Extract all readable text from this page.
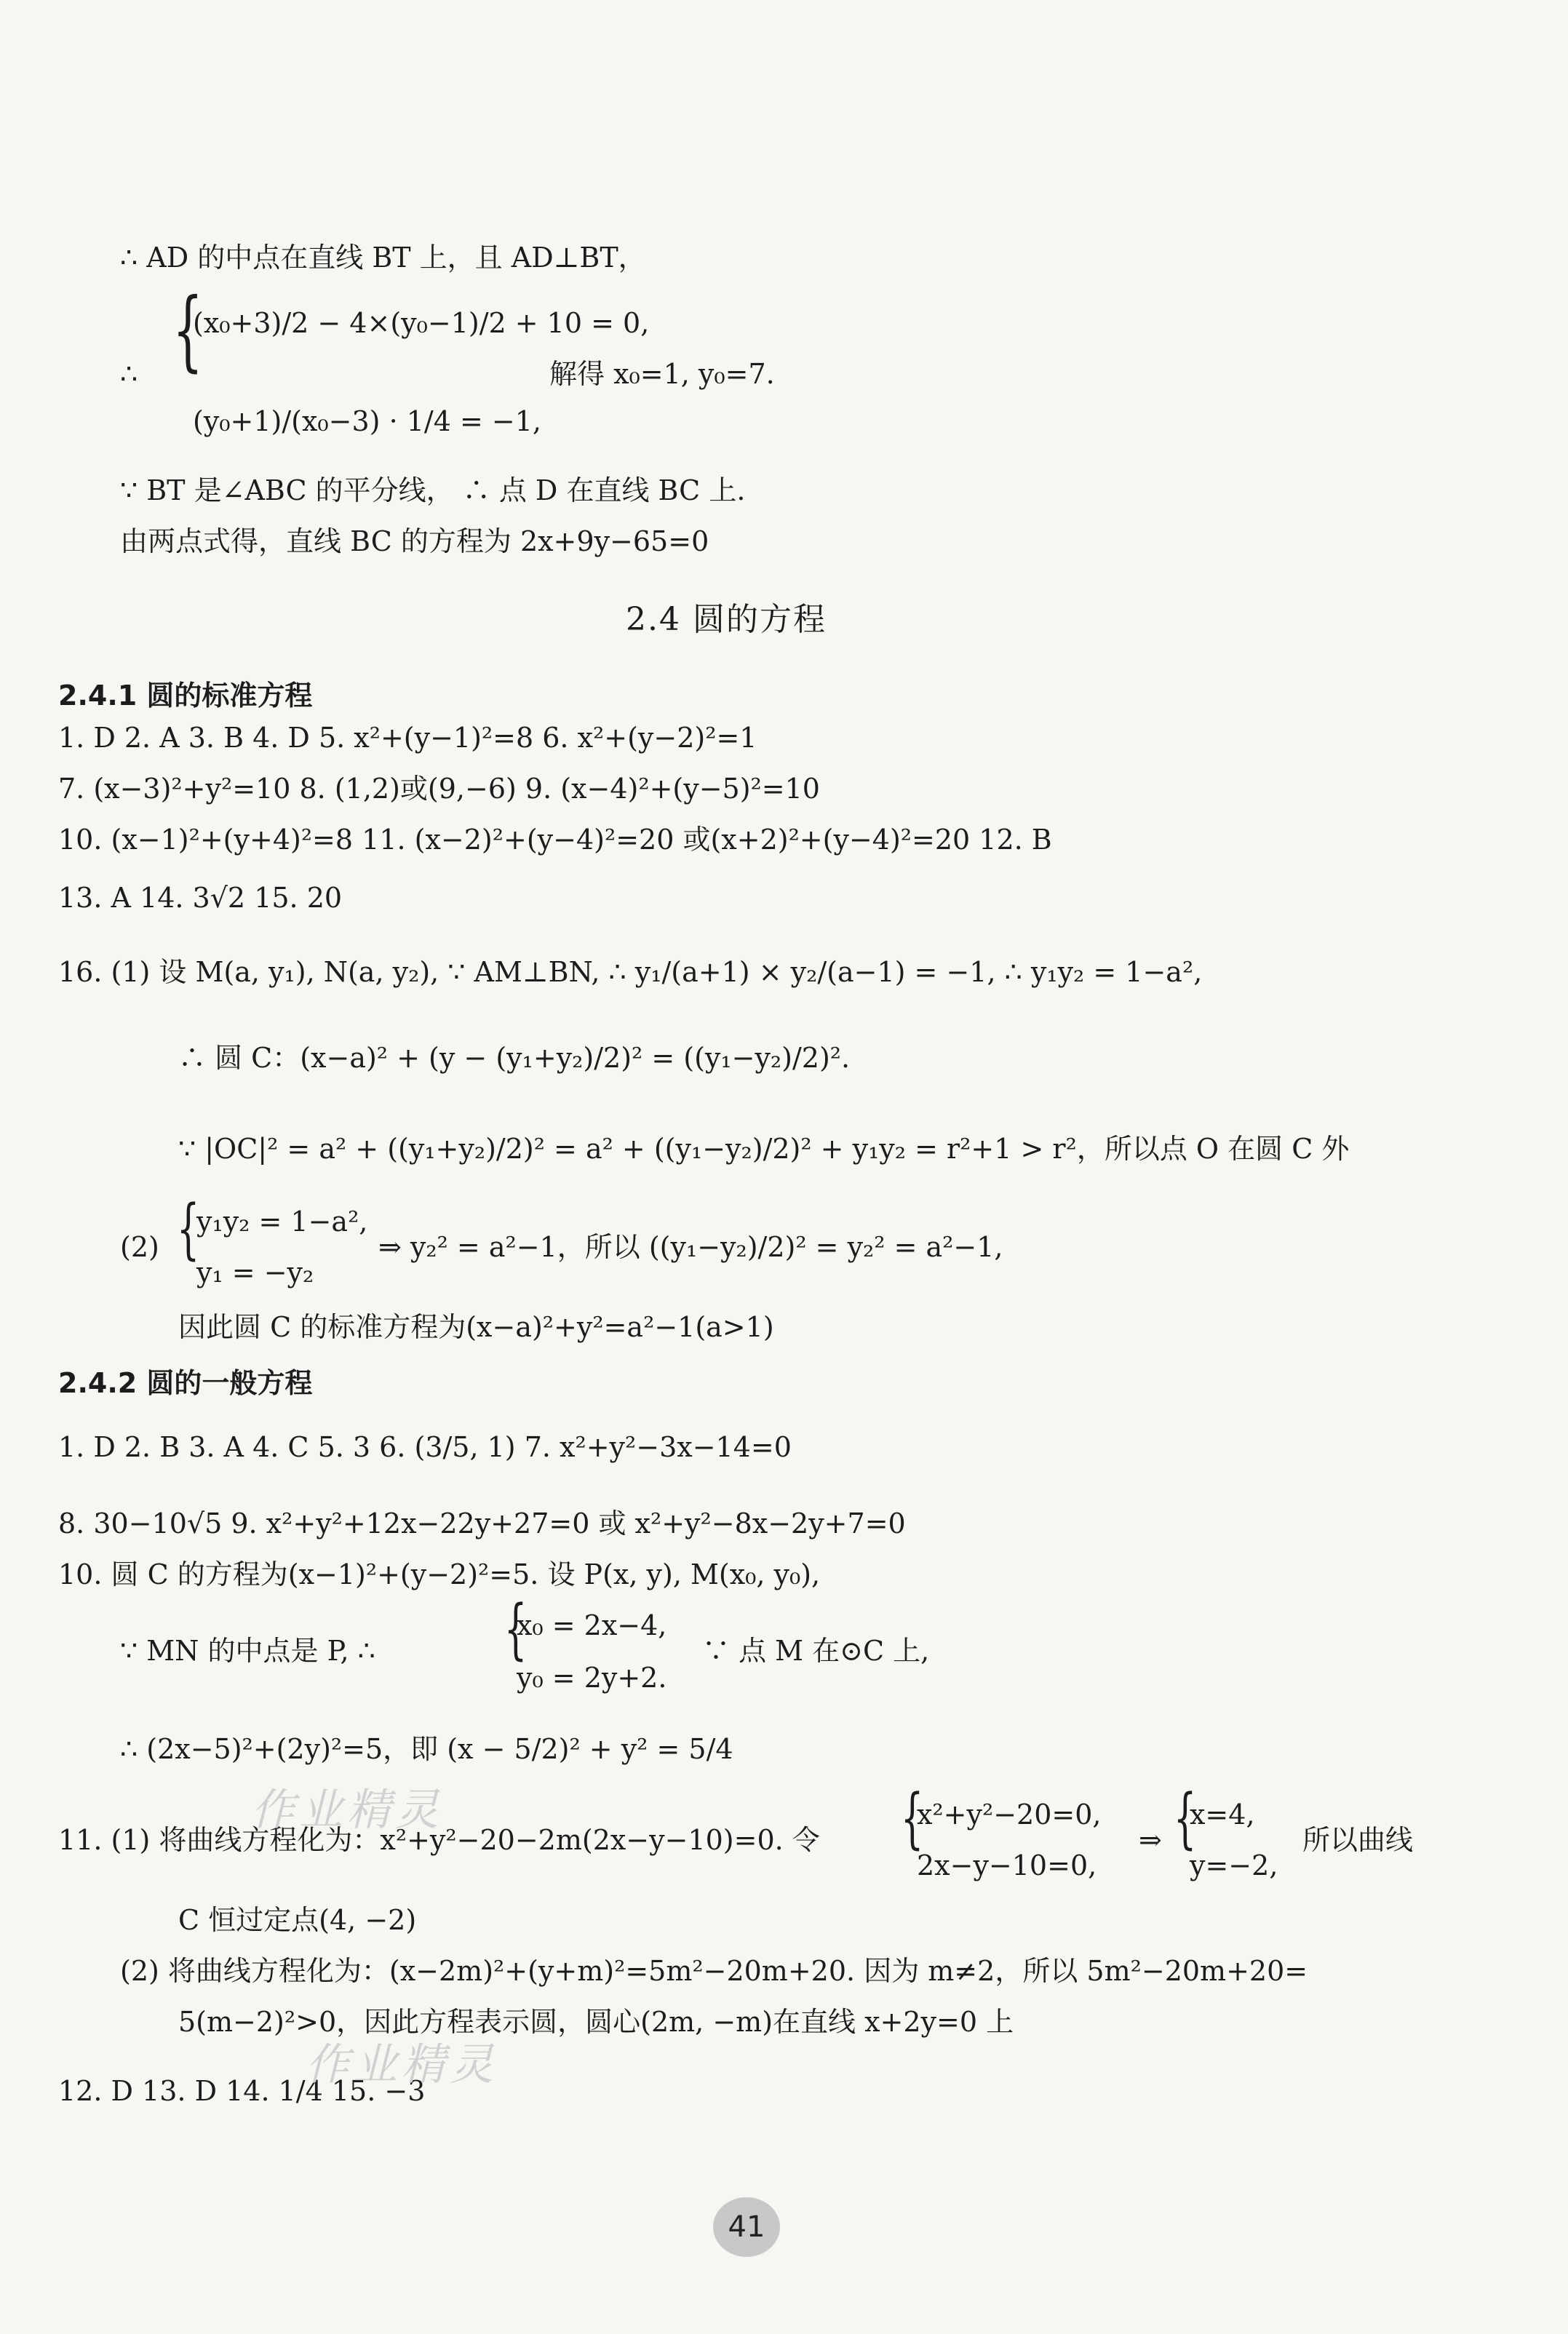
∴ AD 的中点在直线 BT 上，且 AD⊥BT，
∴ {
(x₀+3)/2 − 4×(y₀−1)/2 + 10 = 0,
(y₀+1)/(x₀−3) · 1/4 = −1,
解得 x₀=1, y₀=7.
∵ BT 是∠ABC 的平分线， ∴ 点 D 在直线 BC 上.
由两点式得，直线 BC 的方程为 2x+9y−65=0
2.4 圆的方程
2.4.1 圆的标准方程
1. D 2. A 3. B 4. D 5. x²+(y−1)²=8 6. x²+(y−2)²=1
7. (x−3)²+y²=10 8. (1,2)或(9,−6) 9. (x−4)²+(y−5)²=10
10. (x−1)²+(y+4)²=8 11. (x−2)²+(y−4)²=20 或(x+2)²+(y−4)²=20 12. B
13. A 14. 3√2 15. 20
16. (1) 设 M(a, y₁), N(a, y₂), ∵ AM⊥BN, ∴ y₁/(a+1) × y₂/(a−1) = −1, ∴ y₁y₂ = 1−a²,
∴ 圆 C：(x−a)² + (y − (y₁+y₂)/2)² = ((y₁−y₂)/2)².
∵ |OC|² = a² + ((y₁+y₂)/2)² = a² + ((y₁−y₂)/2)² + y₁y₂ = r²+1 > r²，所以点 O 在圆 C 外
(2) {
y₁y₂ = 1−a²,
y₁ = −y₂
⇒ y₂² = a²−1，所以 ((y₁−y₂)/2)² = y₂² = a²−1,
因此圆 C 的标准方程为(x−a)²+y²=a²−1(a>1)
2.4.2 圆的一般方程
1. D 2. B 3. A 4. C 5. 3 6. (3/5, 1) 7. x²+y²−3x−14=0
8. 30−10√5 9. x²+y²+12x−22y+27=0 或 x²+y²−8x−2y+7=0
10. 圆 C 的方程为(x−1)²+(y−2)²=5. 设 P(x, y), M(x₀, y₀),
∵ MN 的中点是 P, ∴ {
x₀ = 2x−4,
y₀ = 2y+2.
∵ 点 M 在⊙C 上,
∴ (2x−5)²+(2y)²=5，即 (x − 5/2)² + y² = 5/4
11. (1) 将曲线方程化为：x²+y²−20−2m(2x−y−10)=0. 令 {
x²+y²−20=0,
2x−y−10=0,
⇒ {
x=4,
y=−2,
所以曲线
C 恒过定点(4, −2)
(2) 将曲线方程化为：(x−2m)²+(y+m)²=5m²−20m+20. 因为 m≠2，所以 5m²−20m+20=
5(m−2)²>0，因此方程表示圆，圆心(2m, −m)在直线 x+2y=0 上
12. D 13. D 14. 1/4 15. −3
作业精灵
作业精灵
41
